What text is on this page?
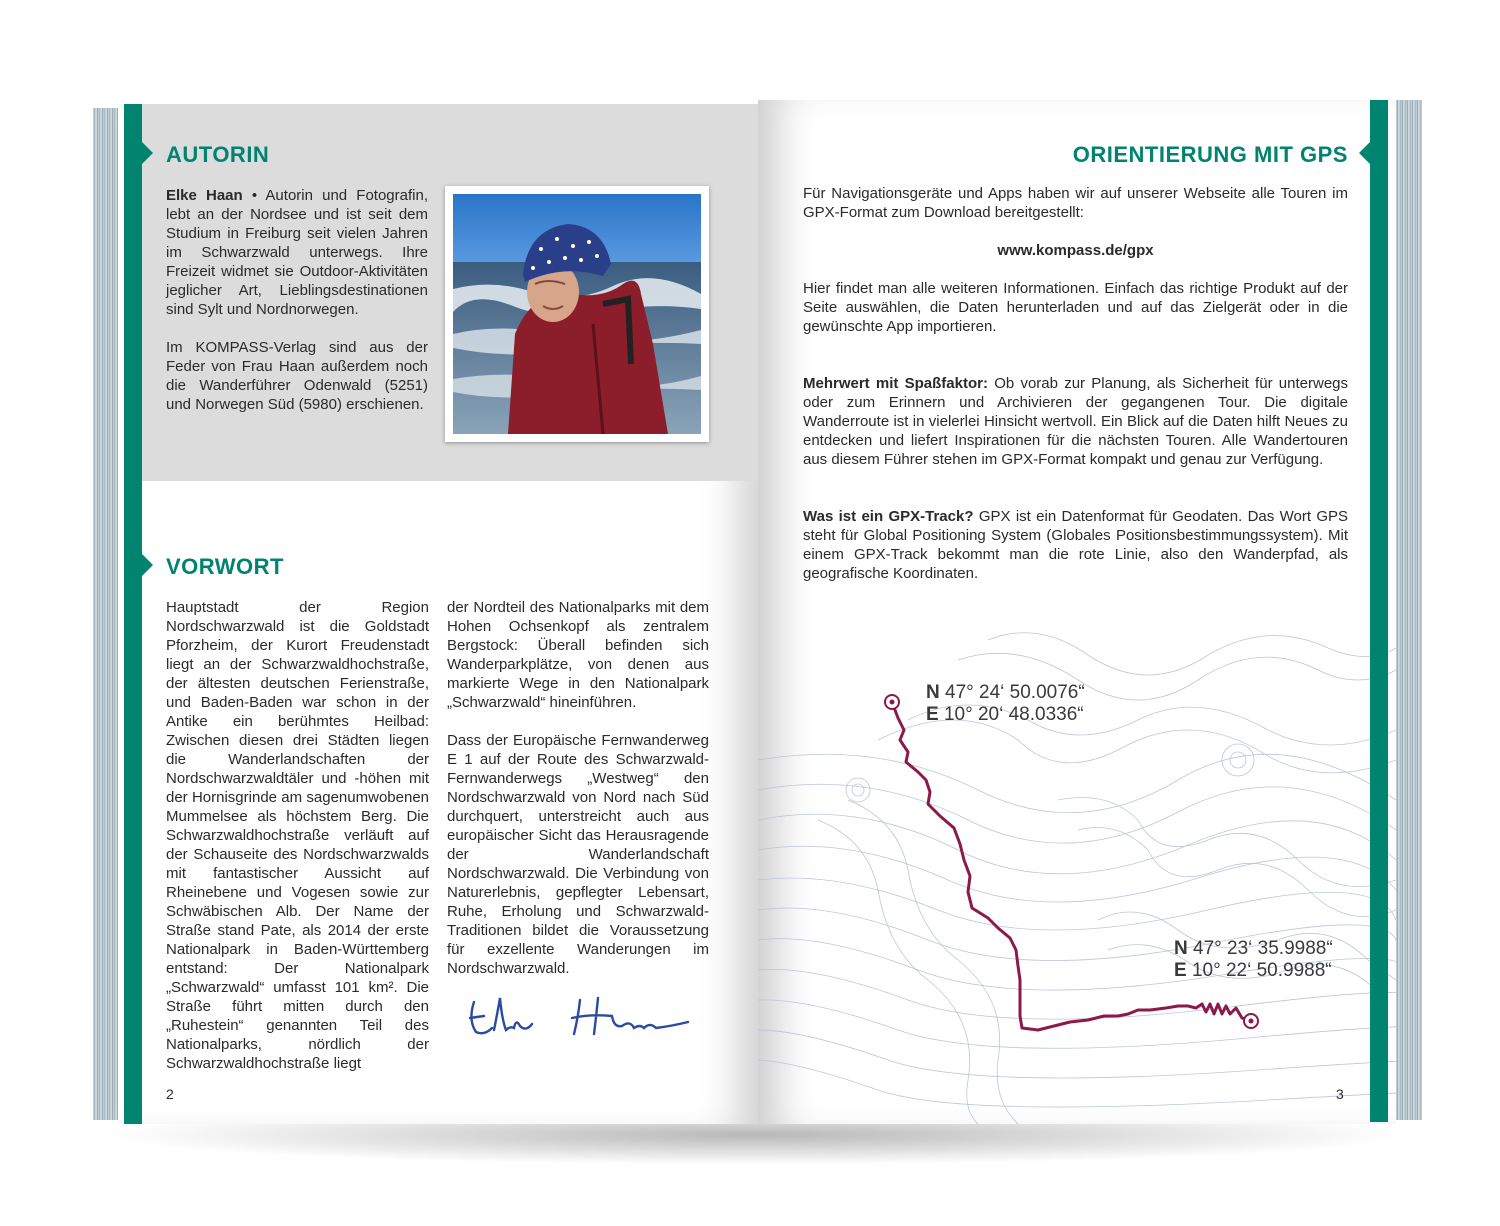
AUTORIN

Elke Haan • Autorin und Fotografin, lebt an der Nordsee und ist seit dem Studium in Freiburg seit vielen Jahren im Schwarzwald unterwegs. Ihre Freizeit widmet sie Outdoor-Aktivitäten jeglicher Art, Lieblingsdestinationen sind Sylt und Nordnorwegen.

Im KOMPASS-Verlag sind aus der Feder von Frau Haan außerdem noch die Wanderführer Odenwald (5251) und Norwegen Süd (5980) erschienen.

VORWORT
Hauptstadt der Region Nordschwarzwald ist die Goldstadt Pforzheim, der Kurort Freudenstadt liegt an der Schwarzwaldhochstraße, der ältesten deutschen Ferienstraße, und Baden-Baden war schon in der Antike ein berühmtes Heilbad: Zwischen diesen drei Städten liegen die Wanderlandschaften der Nordschwarzwaldtäler und -höhen mit der Hornisgrinde am sagenumwobenen Mummelsee als höchstem Berg. Die Schwarzwaldhochstraße verläuft auf der Schauseite des Nordschwarzwalds mit fantastischer Aussicht auf Rheinebene und Vogesen sowie zur Schwäbischen Alb. Der Name der Straße stand Pate, als 2014 der erste Nationalpark in Baden-Württemberg entstand: Der Nationalpark „Schwarzwald“ umfasst 101 km². Die Straße führt mitten durch den „Ruhestein“ genannten Teil des Nationalparks, nördlich der Schwarzwaldhochstraße liegt

der Nordteil des Nationalparks mit dem Hohen Ochsenkopf als zentralem Bergstock: Überall befinden sich Wanderparkplätze, von denen aus markierte Wege in den Nationalpark „Schwarzwald“ hineinführen.

Dass der Europäische Fernwanderweg E 1 auf der Route des Schwarzwald-Fernwanderwegs „Westweg“ den Nordschwarzwald von Nord nach Süd durchquert, unterstreicht auch aus europäischer Sicht das Herausragende der Wanderlandschaft Nordschwarzwald. Die Verbindung von Naturerlebnis, gepflegter Lebensart, Ruhe, Erholung und Schwarzwald-Traditionen bildet die Voraussetzung für exzellente Wanderungen im Nordschwarzwald.

2
ORIENTIERUNG MIT GPS

Für Navigationsgeräte und Apps haben wir auf unserer Webseite alle Touren im GPX-Format zum Download bereitgestellt:

www.kompass.de/gpx

Hier findet man alle weiteren Informationen. Einfach das richtige Produkt auf der Seite auswählen, die Daten herunterladen und auf das Zielgerät oder in die gewünschte App importieren.

Mehrwert mit Spaßfaktor: Ob vorab zur Planung, als Sicherheit für unterwegs oder zum Erinnern und Archivieren der gegangenen Tour. Die digitale Wanderroute ist in vielerlei Hinsicht wertvoll. Ein Blick auf die Daten hilft Neues zu entdecken und liefert Inspirationen für die nächsten Touren. Alle Wandertouren aus diesem Führer stehen im GPX-Format kompakt und genau zur Verfügung.

Was ist ein GPX-Track? GPX ist ein Datenformat für Geodaten. Das Wort GPS steht für Global Positioning System (Globales Positionsbestimmungssystem). Mit einem GPX-Track bekommt man die rote Linie, also den Wanderpfad, als geografische Koordinaten.

N 47° 24‘ 50.0076“
E 10° 20‘ 48.0336“
N 47° 23‘ 35.9988“
E 10° 22‘ 50.9988“
3
